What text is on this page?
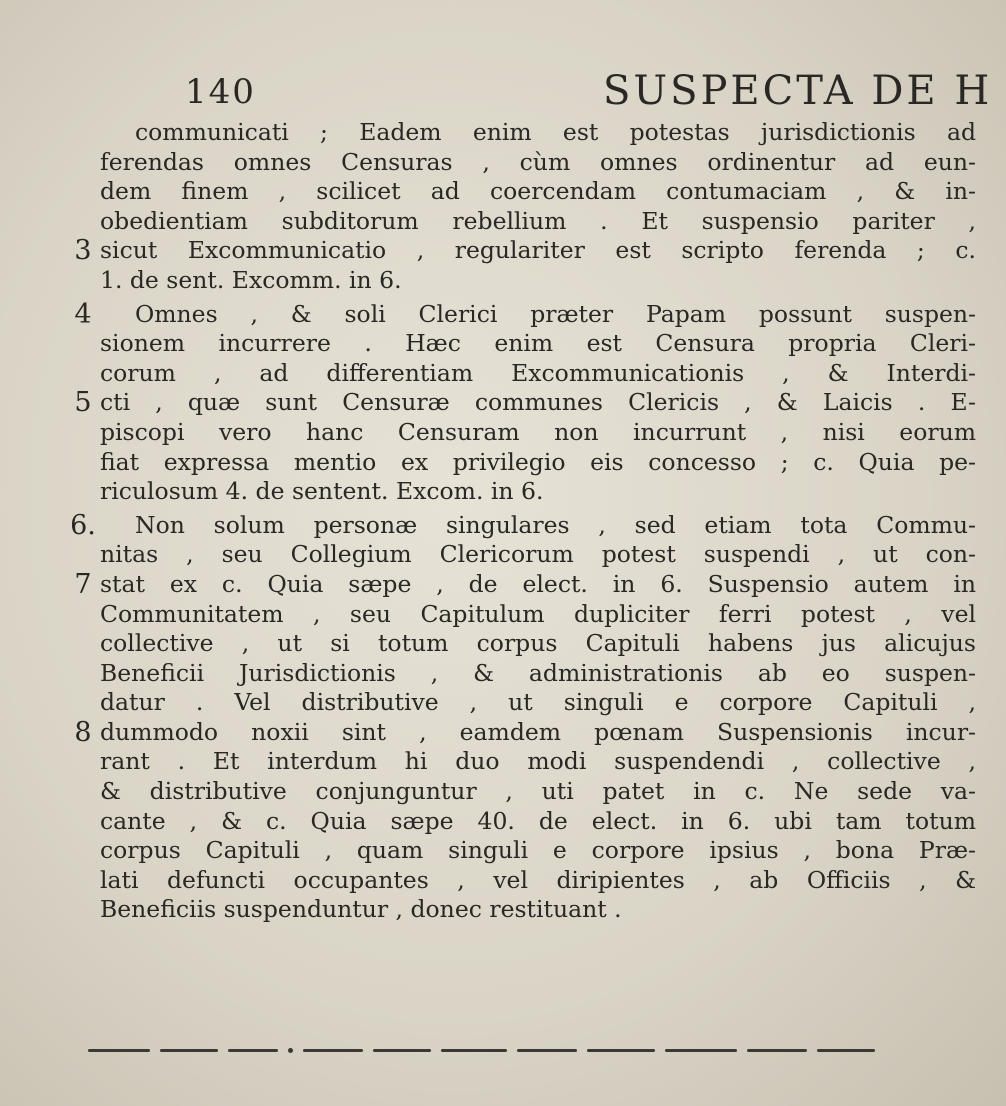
140	SUSPECTA DE H
communicati ; Eadem enim est potestas jurisdictionis ad
ferendas omnes Censuras , cùm omnes ordinentur ad eun-
dem finem , scilicet ad coercendam contumaciam , & in-
obedientiam subditorum rebellium . Et suspensio pariter ,
3 sicut Excommunicatio , regulariter est scripto ferenda ; c.
1. de sent. Excomm. in 6.
4 Omnes , & soli Clerici præter Papam possunt suspen-
sionem incurrere . Hæc enim est Censura propria Cleri-
corum , ad differentiam Excommunicationis , & Interdi-
5 cti , quæ sunt Censuræ communes Clericis , & Laicis . E-
piscopi vero hanc Censuram non incurrunt , nisi eorum
fiat expressa mentio ex privilegio eis concesso ; c. Quia pe-
riculosum 4. de sentent. Excom. in 6.
6. Non solum personæ singulares , sed etiam tota Commu-
nitas , seu Collegium Clericorum potest suspendi , ut con-
7 stat ex c. Quia sæpe , de elect. in 6. Suspensio autem in
Communitatem , seu Capitulum dupliciter ferri potest , vel
collective , ut si totum corpus Capituli habens jus alicujus
Beneficii Jurisdictionis , & administrationis ab eo suspen-
datur . Vel distributive , ut singuli e corpore Capituli ,
8 dummodo noxii sint , eamdem pœnam Suspensionis incur-
rant . Et interdum hi duo modi suspendendi , collective ,
& distributive conjunguntur , uti patet in c. Ne sede va-
cante , & c. Quia sæpe 40. de elect. in 6. ubi tam totum
corpus Capituli , quam singuli e corpore ipsius , bona Præ-
lati defuncti occupantes , vel diripientes , ab Officiis , &
Beneficiis suspenduntur , donec restituant .
